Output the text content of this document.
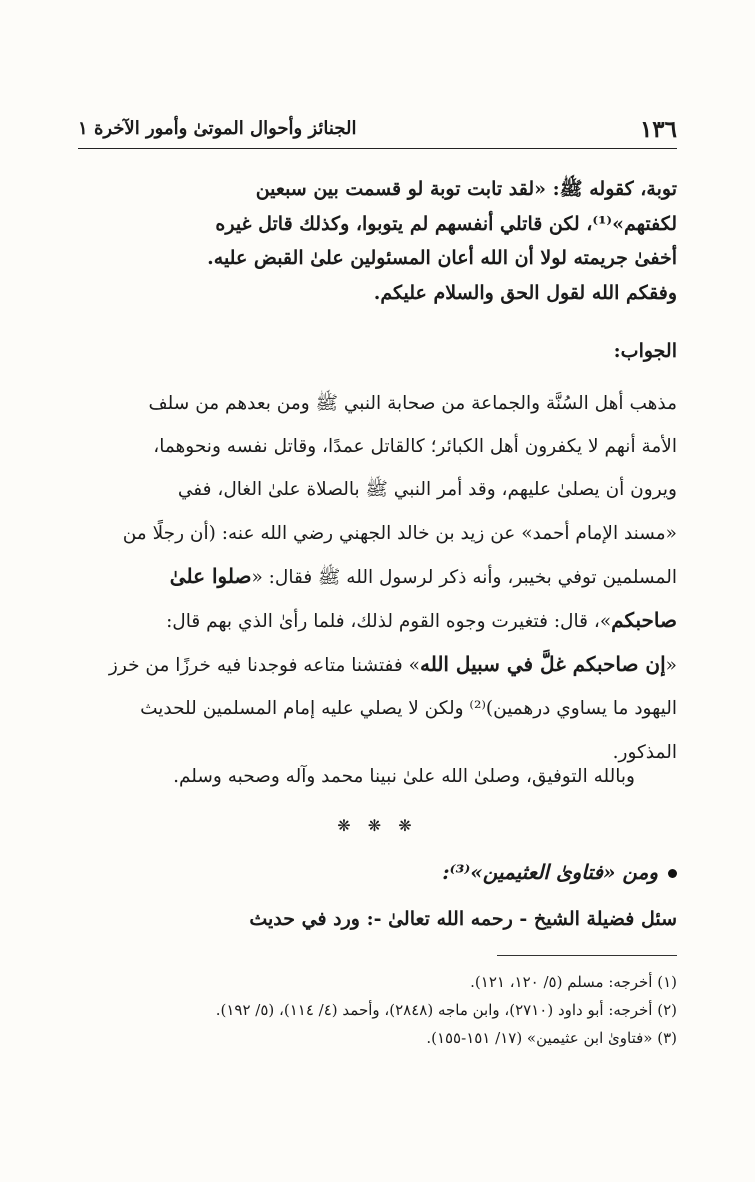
١٣٦
الجنائز وأحوال الموتىٰ وأمور الآخرة ١
توبة، كقوله ﷺ: «لقد تابت توبة لو قسمت بين سبعين
لكفتهم»⁽¹⁾، لكن قاتلي أنفسهم لم يتوبوا، وكذلك قاتل غيره
أخفىٰ جريمته لولا أن الله أعان المسئولين علىٰ القبض عليه.
وفقكم الله لقول الحق والسلام عليكم.
الجواب:
مذهب أهل السُنَّة والجماعة من صحابة النبي ﷺ ومن بعدهم من سلف
الأمة أنهم لا يكفرون أهل الكبائر؛ كالقاتل عمدًا، وقاتل نفسه ونحوهما،
ويرون أن يصلىٰ عليهم، وقد أمر النبي ﷺ بالصلاة علىٰ الغال، ففي
«مسند الإمام أحمد» عن زيد بن خالد الجهني رضي الله عنه: (أن رجلًا من
المسلمين توفي بخيبر، وأنه ذكر لرسول الله ﷺ فقال: «صلوا علىٰ
صاحبكم»، قال: فتغيرت وجوه القوم لذلك، فلما رأىٰ الذي بهم قال:
«إن صاحبكم غلَّ في سبيل الله» ففتشنا متاعه فوجدنا فيه خرزًا من خرز
اليهود ما يساوي درهمين)⁽²⁾ ولكن لا يصلي عليه إمام المسلمين للحديث
المذكور.
وبالله التوفيق، وصلىٰ الله علىٰ نبينا محمد وآله وصحبه وسلم.
❋ ❋ ❋
ومن «فتاوىٰ العثيمين»⁽³⁾:
سئل فضيلة الشيخ - رحمه الله تعالىٰ -: ورد في حديث
(١) أخرجه: مسلم (٥/ ١٢٠، ١٢١).
(٢) أخرجه: أبو داود (٢٧١٠)، وابن ماجه (٢٨٤٨)، وأحمد (٤/ ١١٤)، (٥/ ١٩٢).
(٣) «فتاوىٰ ابن عثيمين» (١٧/ ١٥١-١٥٥).
